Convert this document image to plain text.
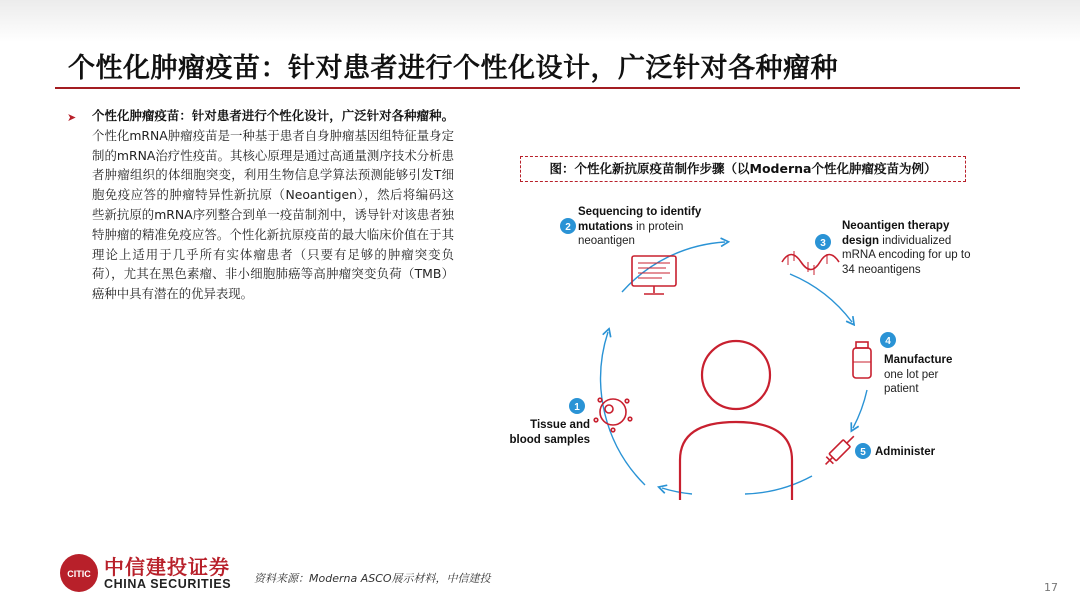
个性化肿瘤疫苗：针对患者进行个性化设计，广泛针对各种瘤种
➤ 个性化肿瘤疫苗：针对患者进行个性化设计，广泛针对各种瘤种。个性化mRNA肿瘤疫苗是一种基于患者自身肿瘤基因组特征量身定制的mRNA治疗性疫苗。其核心原理是通过高通量测序技术分析患者肿瘤组织的体细胞突变，利用生物信息学算法预测能够引发T细胞免疫应答的肿瘤特异性新抗原（Neoantigen），然后将编码这些新抗原的mRNA序列整合到单一疫苗制剂中，诱导针对该患者独特肿瘤的精准免疫应答。个性化新抗原疫苗的最大临床价值在于其理论上适用于几乎所有实体瘤患者（只要有足够的肿瘤突变负荷），尤其在黑色素瘤、非小细胞肺癌等高肿瘤突变负荷（TMB）癌种中具有潜在的优异表现。
图：个性化新抗原疫苗制作步骤（以Moderna个性化肿瘤疫苗为例）
1
2
3
4
5
Tissue and blood samples
Sequencing to identify mutations in protein neoantigen
Neoantigen therapy design individualized mRNA encoding for up to 34 neoantigens
Manufacture one lot per patient
Administer
CITIC 中信建投证券
CHINA SECURITIES 资料来源：Moderna ASCO展示材料，中信建投
17
